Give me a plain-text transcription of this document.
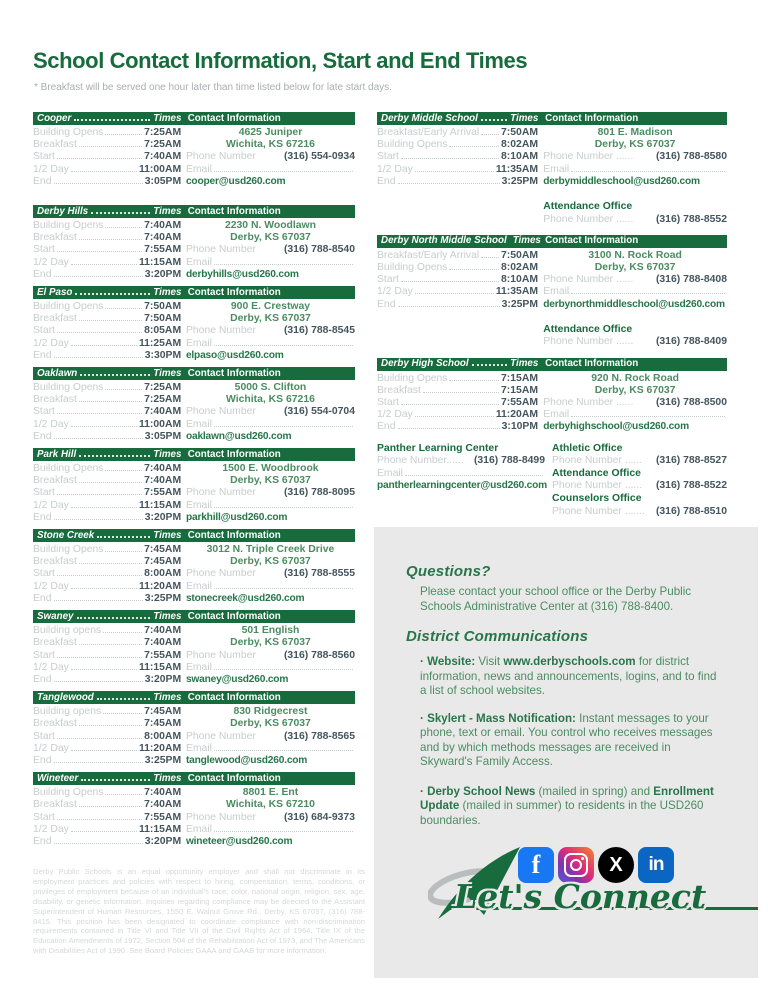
School Contact Information, Start and End Times

* Breakfast will be served one hour later than time listed below for late start days.

Cooper	Times Contact Information
Building Opens	7:25AM
Breakfast	7:25AM
Start	7:40AM
1/2 Day	11:00AM
End	3:05PM
4625 Juniper
Wichita, KS 67216
Phone Number	(316) 554-0934
Email
cooper@usd260.com
Derby Hills	Times Contact Information
Building Opens	7:40AM
Breakfast	7:40AM
Start	7:55AM
1/2 Day	11:15AM
End	3:20PM
2230 N. Woodlawn
Derby, KS 67037
Phone Number	(316) 788-8540
Email
derbyhills@usd260.com
El Paso	Times Contact Information
Building Opens	7:50AM
Breakfast	7:50AM
Start	8:05AM
1/2 Day	11:25AM
End	3:30PM
900 E. Crestway
Derby, KS 67037
Phone Number	(316) 788-8545
Email
elpaso@usd260.com
Oaklawn	Times Contact Information
Building Opens	7:25AM
Breakfast	7:25AM
Start	7:40AM
1/2 Day	11:00AM
End	3:05PM
5000 S. Clifton
Wichita, KS 67216
Phone Number	(316) 554-0704
Email
oaklawn@usd260.com
Park Hill	Times Contact Information
Building Opens	7:40AM
Breakfast	7:40AM
Start	7:55AM
1/2 Day	11:15AM
End	3:20PM
1500 E. Woodbrook
Derby, KS 67037
Phone Number	(316) 788-8095
Email
parkhill@usd260.com
Stone Creek	Times Contact Information
Building Opens	7:45AM
Breakfast	7:45AM
Start	8:00AM
1/2 Day	11:20AM
End	3:25PM
3012 N. Triple Creek Drive
Derby, KS 67037
Phone Number	(316) 788-8555
Email
stonecreek@usd260.com
Swaney	Times Contact Information
Building opens	7:40AM
Breakfast	7:40AM
Start	7:55AM
1/2 Day	11:15AM
End	3:20PM
501 English
Derby, KS 67037
Phone Number	(316) 788-8560
Email
swaney@usd260.com
Tanglewood	Times Contact Information
Building opens	7:45AM
Breakfast	7:45AM
Start	8:00AM
1/2 Day	11:20AM
End	3:25PM
830 Ridgecrest
Derby, KS 67037
Phone Number	(316) 788-8565
Email
tanglewood@usd260.com
Wineteer	Times Contact Information
Building Opens	7:40AM
Breakfast	7:40AM
Start	7:55AM
1/2 Day	11:15AM
End	3:20PM
8801 E. Ent
Wichita, KS 67210
Phone Number	(316) 684-9373
Email
wineteer@usd260.com
Derby Middle School	Times Contact Information
Breakfast/Early Arrival 7:50AM
Building Opens	8:02AM
Start	8:10AM
1/2 Day	11:35AM
End	3:25PM
801 E. Madison
Derby, KS 67037
Phone Number ...... (316) 788-8580
Email
derbymiddleschool@usd260.com
Attendance Office
Phone Number ...... (316) 788-8552
Derby North Middle School Times Contact Information
Breakfast/Early Arrival 7:50AM
Building Opens	8:02AM
Start	8:10AM
1/2 Day	11:35AM
End	3:25PM
3100 N. Rock Road
Derby, KS 67037
Phone Number ...... (316) 788-8408
Email
derbynorthmiddleschool@usd260.com
Attendance Office
Phone Number ...... (316) 788-8409
Derby High School	Times Contact Information
Building Opens	7:15AM
Breakfast	7:15AM
Start	7:55AM
1/2 Day	11:20AM
End	3:10PM
920 N. Rock Road
Derby, KS 67037
Phone Number ...... (316) 788-8500
Email
derbyhighschool@usd260.com
Panther Learning Center
Phone Number...... (316) 788-8499
Email
pantherlearningcenter@usd260.com
Athletic Office
Phone Number ...... (316) 788-8527
Attendance Office
Phone Number ...... (316) 788-8522
Counselors Office
Phone Number ....... (316) 788-8510
Questions?

Please contact your school office or the Derby Public Schools Administrative Center at (316) 788-8400.

District Communications

· Website: Visit www.derbyschools.com for district information, news and announcements, logins, and to find a list of school websites.

· Skylert - Mass Notification: Instant messages to your phone, text or email. You control who receives messages and by which methods messages are received in Skyward's Family Access.

· Derby School News (mailed in spring) and Enrollment Update (mailed in summer) to residents in the USD260 boundaries.

f	X in
Let's Connect

Derby Public Schools is an equal opportunity employer and shall not discriminate in its employment practices and policies with respect to hiring, compensation, terms, conditions, or privileges of employment because of an individual's race, color, national origin, religion, sex, age, disability, or genetic information. Inquiries regarding compliance may be directed to the Assistant Superintendent of Human Resources, 1550 E. Walnut Grove Rd., Derby, KS 67037, (316) 788-8415. This position has been designated to coordinate compliance with non-discrimination requirements contained in Title VI and Title VII of the Civil Rights Act of 1964, Title IX of the Education Amendments of 1972, Section 504 of the Rehabilitation Act of 1973, and The Americans with Disabilities Act of 1990. See Board Policies GAAA and GAAB for more information.
